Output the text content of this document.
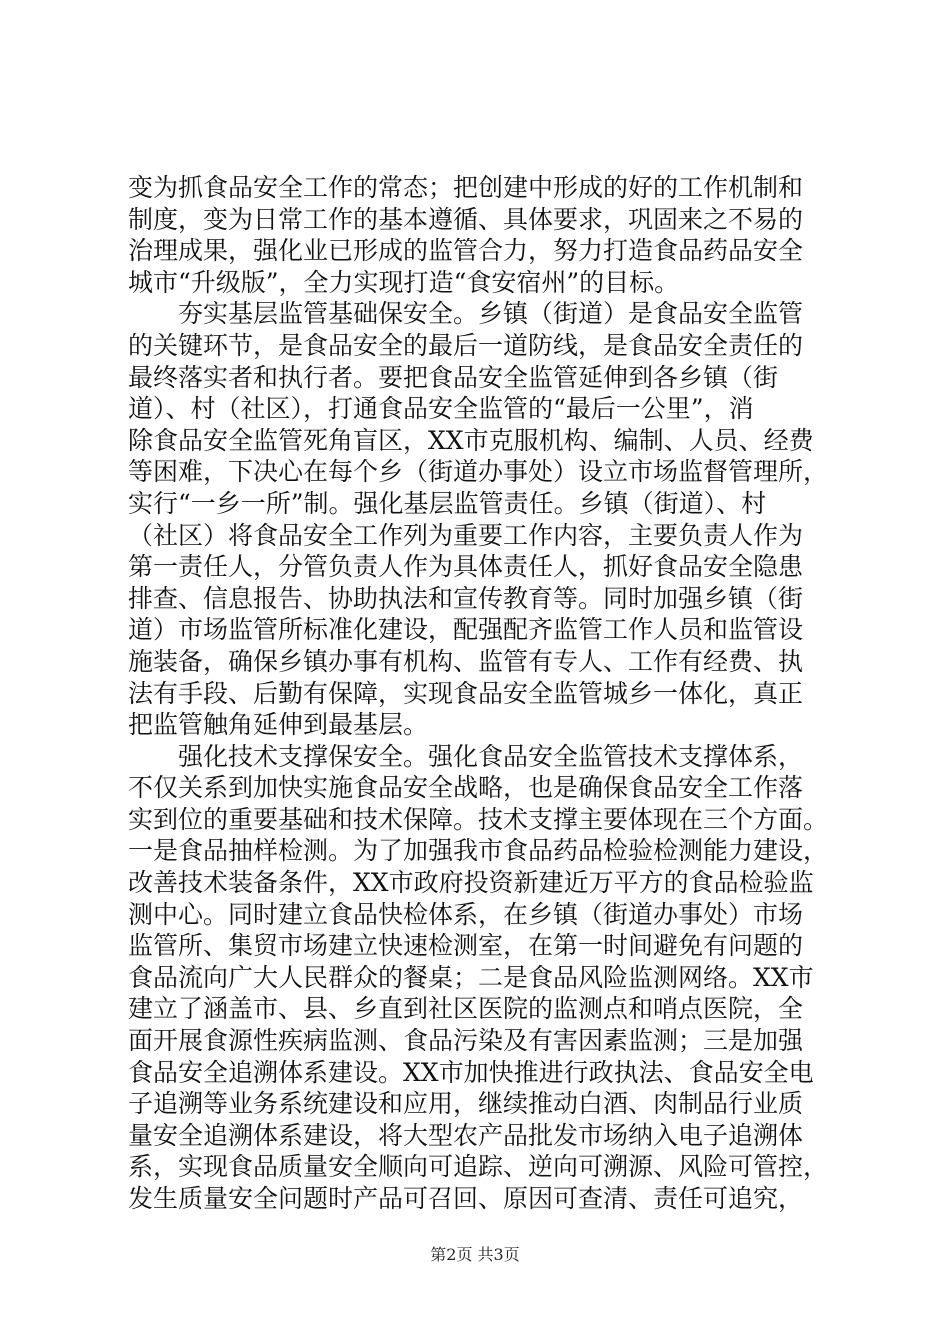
变为抓食品安全工作的常态；把创建中形成的好的工作机制和
制度，变为日常工作的基本遵循、具体要求，巩固来之不易的
治理成果，强化业已形成的监管合力，努力打造食品药品安全
城市“升级版”，全力实现打造“食安宿州”的目标。
　　夯实基层监管基础保安全。乡镇（街道）是食品安全监管
的关键环节，是食品安全的最后一道防线，是食品安全责任的
最终落实者和执行者。要把食品安全监管延伸到各乡镇（街
道）、村（社区），打通食品安全监管的“最后一公里”，消
除食品安全监管死角盲区，XX市克服机构、编制、人员、经费
等困难，下决心在每个乡（街道办事处）设立市场监督管理所，
实行“一乡一所”制。强化基层监管责任。乡镇（街道）、村
（社区）将食品安全工作列为重要工作内容，主要负责人作为
第一责任人，分管负责人作为具体责任人，抓好食品安全隐患
排查、信息报告、协助执法和宣传教育等。同时加强乡镇（街
道）市场监管所标准化建设，配强配齐监管工作人员和监管设
施装备，确保乡镇办事有机构、监管有专人、工作有经费、执
法有手段、后勤有保障，实现食品安全监管城乡一体化，真正
把监管触角延伸到最基层。
　　强化技术支撑保安全。强化食品安全监管技术支撑体系，
不仅关系到加快实施食品安全战略，也是确保食品安全工作落
实到位的重要基础和技术保障。技术支撑主要体现在三个方面。
一是食品抽样检测。为了加强我市食品药品检验检测能力建设，
改善技术装备条件，XX市政府投资新建近万平方的食品检验监
测中心。同时建立食品快检体系，在乡镇（街道办事处）市场
监管所、集贸市场建立快速检测室，在第一时间避免有问题的
食品流向广大人民群众的餐桌；二是食品风险监测网络。XX市
建立了涵盖市、县、乡直到社区医院的监测点和哨点医院，全
面开展食源性疾病监测、食品污染及有害因素监测；三是加强
食品安全追溯体系建设。XX市加快推进行政执法、食品安全电
子追溯等业务系统建设和应用，继续推动白酒、肉制品行业质
量安全追溯体系建设，将大型农产品批发市场纳入电子追溯体
系，实现食品质量安全顺向可追踪、逆向可溯源、风险可管控，
发生质量安全问题时产品可召回、原因可查清、责任可追究，
第2页 共3页
